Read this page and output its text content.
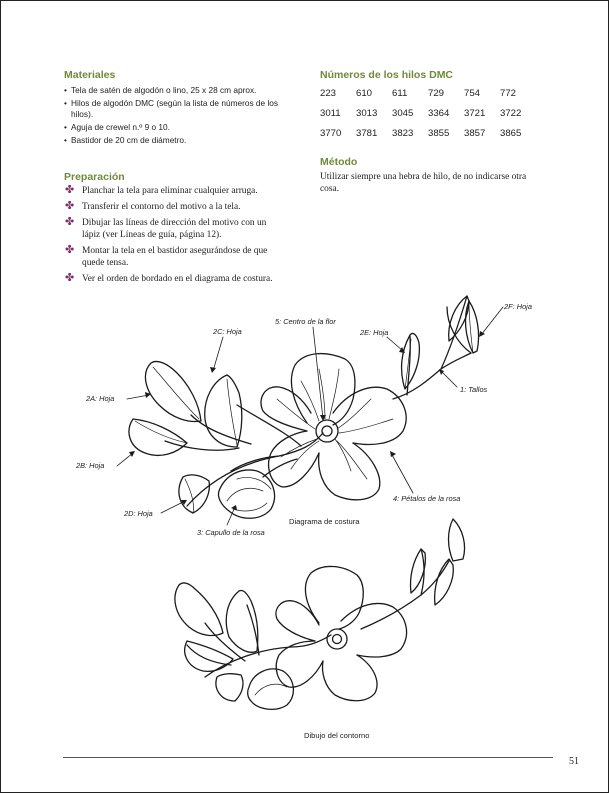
Materiales
• Tela de satén de algodón o lino, 25 x 28 cm aprox.
• Hilos de algodón DMC (según la lista de números de los hilos).
• Aguja de crewel n.º 9 o 10.
• Bastidor de 20 cm de diámetro.
Preparación
✤ Planchar la tela para eliminar cualquier arruga.
✤ Transferir el contorno del motivo a la tela.
✤ Dibujar las líneas de dirección del motivo con un lápiz (ver Líneas de guía, página 12).
✤ Montar la tela en el bastidor asegurándose de que quede tensa.
✤ Ver el orden de bordado en el diagrama de costura.
Números de los hilos DMC
223	610	611	729	754	772
3011	3013	3045	3364	3721	3722
3770	3781	3823	3855	3857	3865
Método

Utilizar siempre una hebra de hilo, de no indicarse otra cosa.

2A: Hoja
2B: Hoja
2C: Hoja
2D: Hoja
2E: Hoja
2F: Hoja
5: Centro de la flor
1: Tallos
4: Pétalos de la rosa
3: Capullo de la rosa
Diagrama de costura
Dibujo del contorno
51
